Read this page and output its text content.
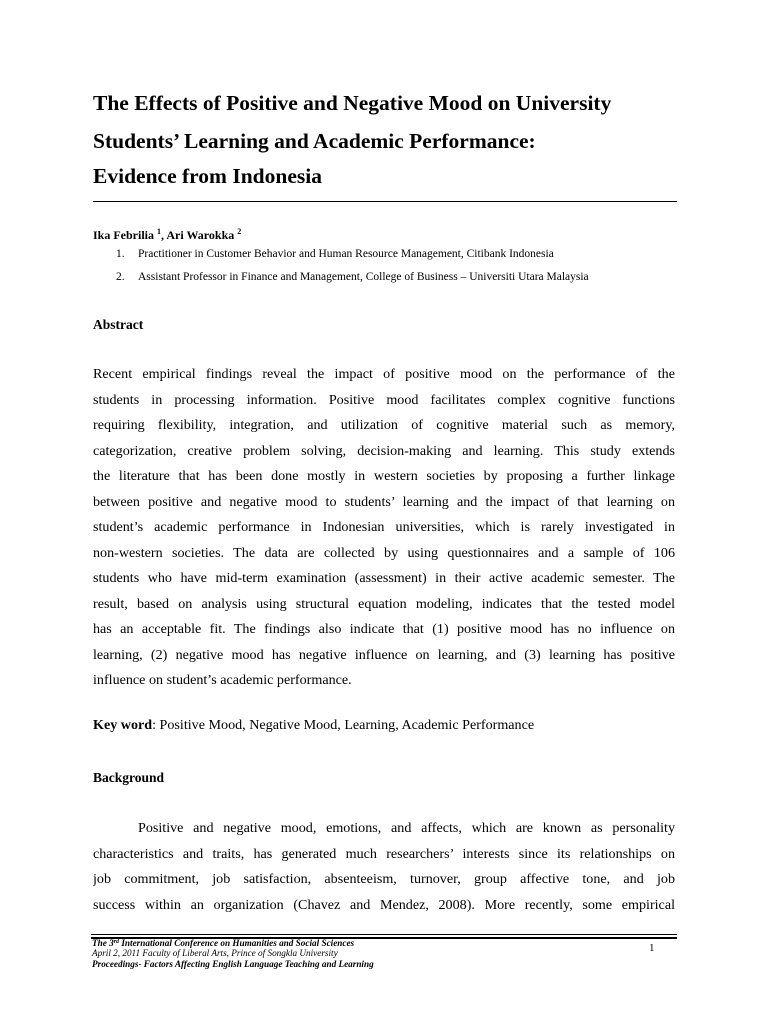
The Effects of Positive and Negative Mood on University
Students’ Learning and Academic Performance:
Evidence from Indonesia
Ika Febrilia $^1$, Ari Warokka $^2$
1. Practitioner in Customer Behavior and Human Resource Management, Citibank Indonesia
2. Assistant Professor in Finance and Management, College of Business – Universiti Utara Malaysia
Abstract
Recent empirical findings reveal the impact of positive mood on the performance of the
students in processing information. Positive mood facilitates complex cognitive functions
requiring flexibility, integration, and utilization of cognitive material such as memory,
categorization, creative problem solving, decision-making and learning. This study extends
the literature that has been done mostly in western societies by proposing a further linkage
between positive and negative mood to students’ learning and the impact of that learning on
student’s academic performance in Indonesian universities, which is rarely investigated in
non-western societies. The data are collected by using questionnaires and a sample of 106
students who have mid-term examination (assessment) in their active academic semester. The
result, based on analysis using structural equation modeling, indicates that the tested model
has an acceptable fit. The findings also indicate that (1) positive mood has no influence on
learning, (2) negative mood has negative influence on learning, and (3) learning has positive
influence on student’s academic performance.
Key word: Positive Mood, Negative Mood, Learning, Academic Performance
Background
Positive and negative mood, emotions, and affects, which are known as personality
characteristics and traits, has generated much researchers’ interests since its relationships on
job commitment, job satisfaction, absenteeism, turnover, group affective tone, and job
success within an organization (Chavez and Mendez, 2008). More recently, some empirical
The 3rd International Conference on Humanities and Social Sciences
April 2, 2011 Faculty of Liberal Arts, Prince of Songkla University
Proceedings- Factors Affecting English Language Teaching and Learning
1
